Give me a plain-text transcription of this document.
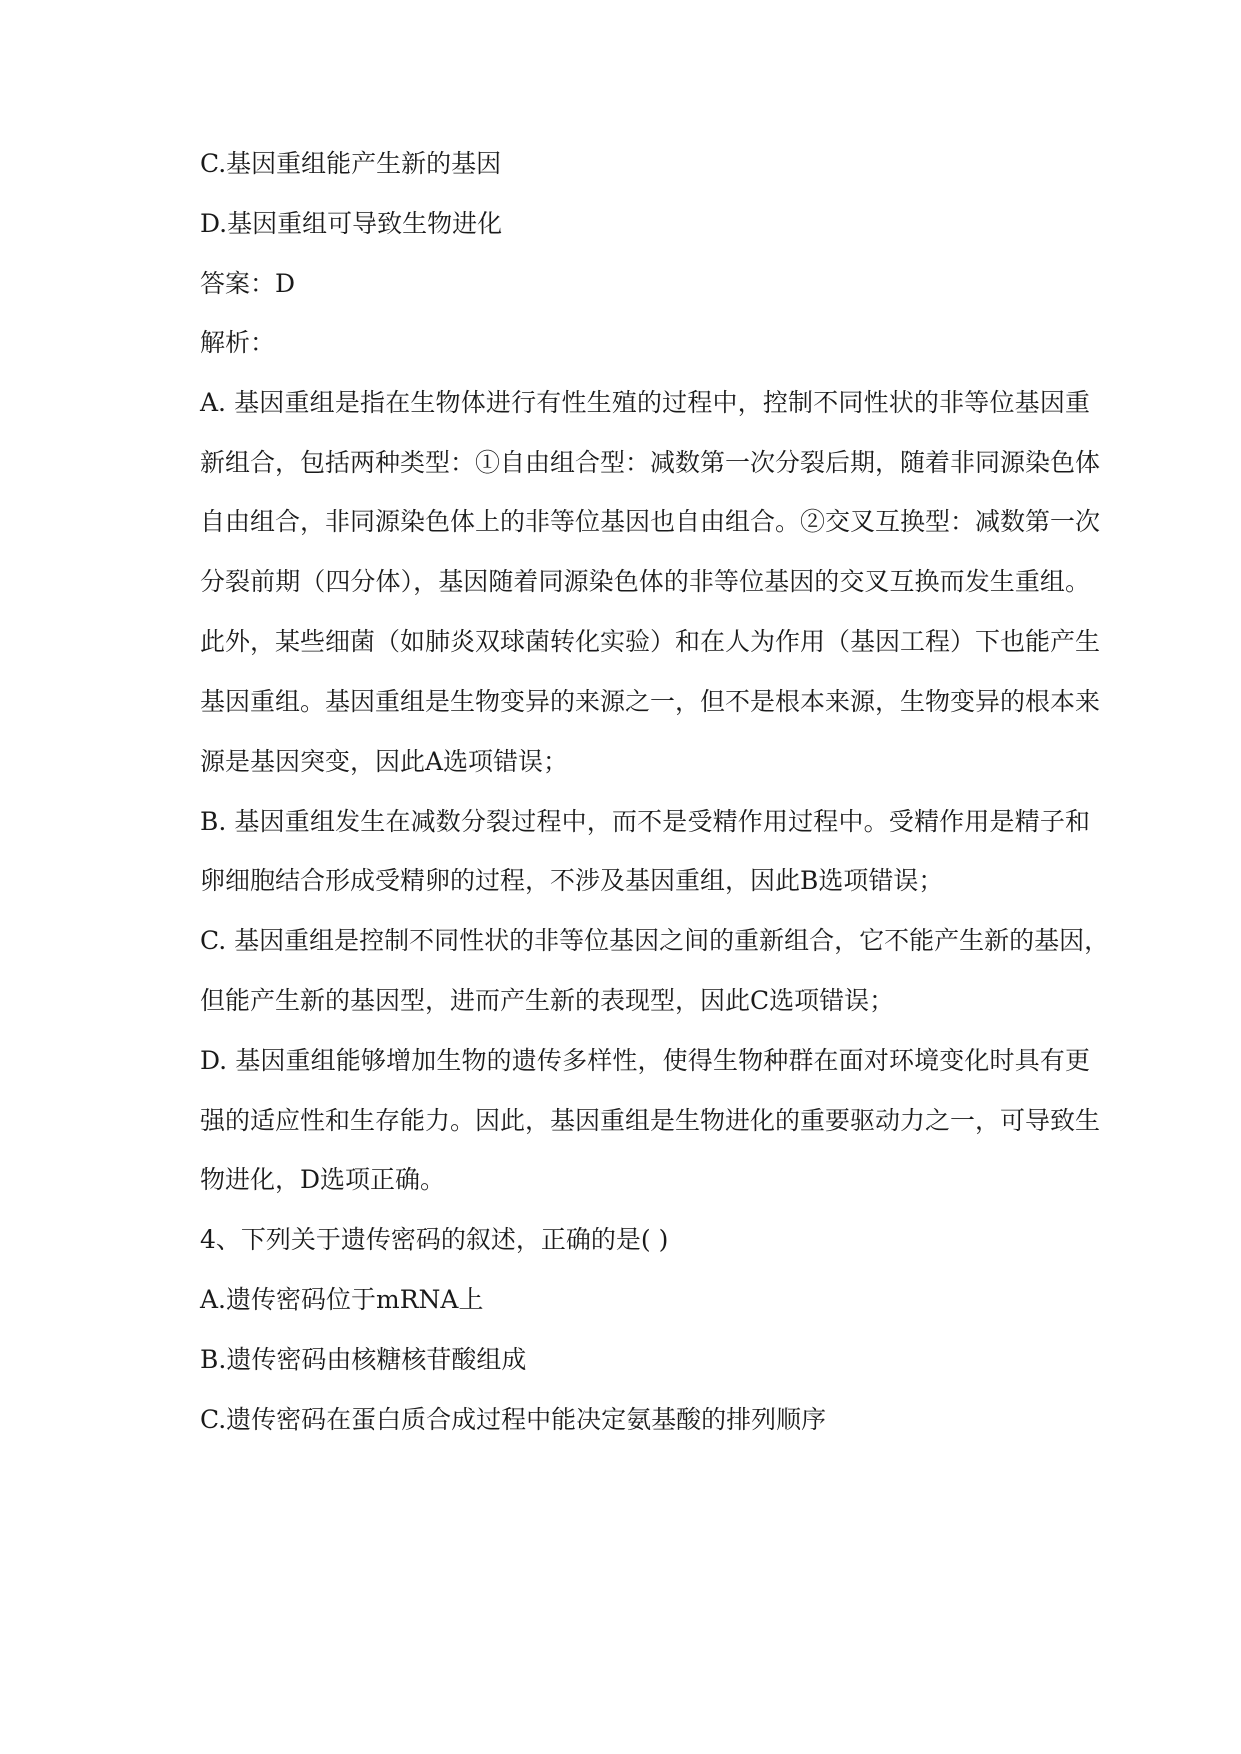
C.基因重组能产生新的基因
D.基因重组可导致生物进化
答案：D
解析：
A. 基因重组是指在生物体进行有性生殖的过程中，控制不同性状的非等位基因重
新组合，包括两种类型：①自由组合型：减数第一次分裂后期，随着非同源染色体
自由组合，非同源染色体上的非等位基因也自由组合。②交叉互换型：减数第一次
分裂前期（四分体），基因随着同源染色体的非等位基因的交叉互换而发生重组。
此外，某些细菌（如肺炎双球菌转化实验）和在人为作用（基因工程）下也能产生
基因重组。基因重组是生物变异的来源之一，但不是根本来源，生物变异的根本来
源是基因突变，因此A选项错误；
B. 基因重组发生在减数分裂过程中，而不是受精作用过程中。受精作用是精子和
卵细胞结合形成受精卵的过程，不涉及基因重组，因此B选项错误；
C. 基因重组是控制不同性状的非等位基因之间的重新组合，它不能产生新的基因，
但能产生新的基因型，进而产生新的表现型，因此C选项错误；
D. 基因重组能够增加生物的遗传多样性，使得生物种群在面对环境变化时具有更
强的适应性和生存能力。因此，基因重组是生物进化的重要驱动力之一，可导致生
物进化，D选项正确。
4、下列关于遗传密码的叙述，正确的是( )
A.遗传密码位于mRNA上
B.遗传密码由核糖核苷酸组成
C.遗传密码在蛋白质合成过程中能决定氨基酸的排列顺序
